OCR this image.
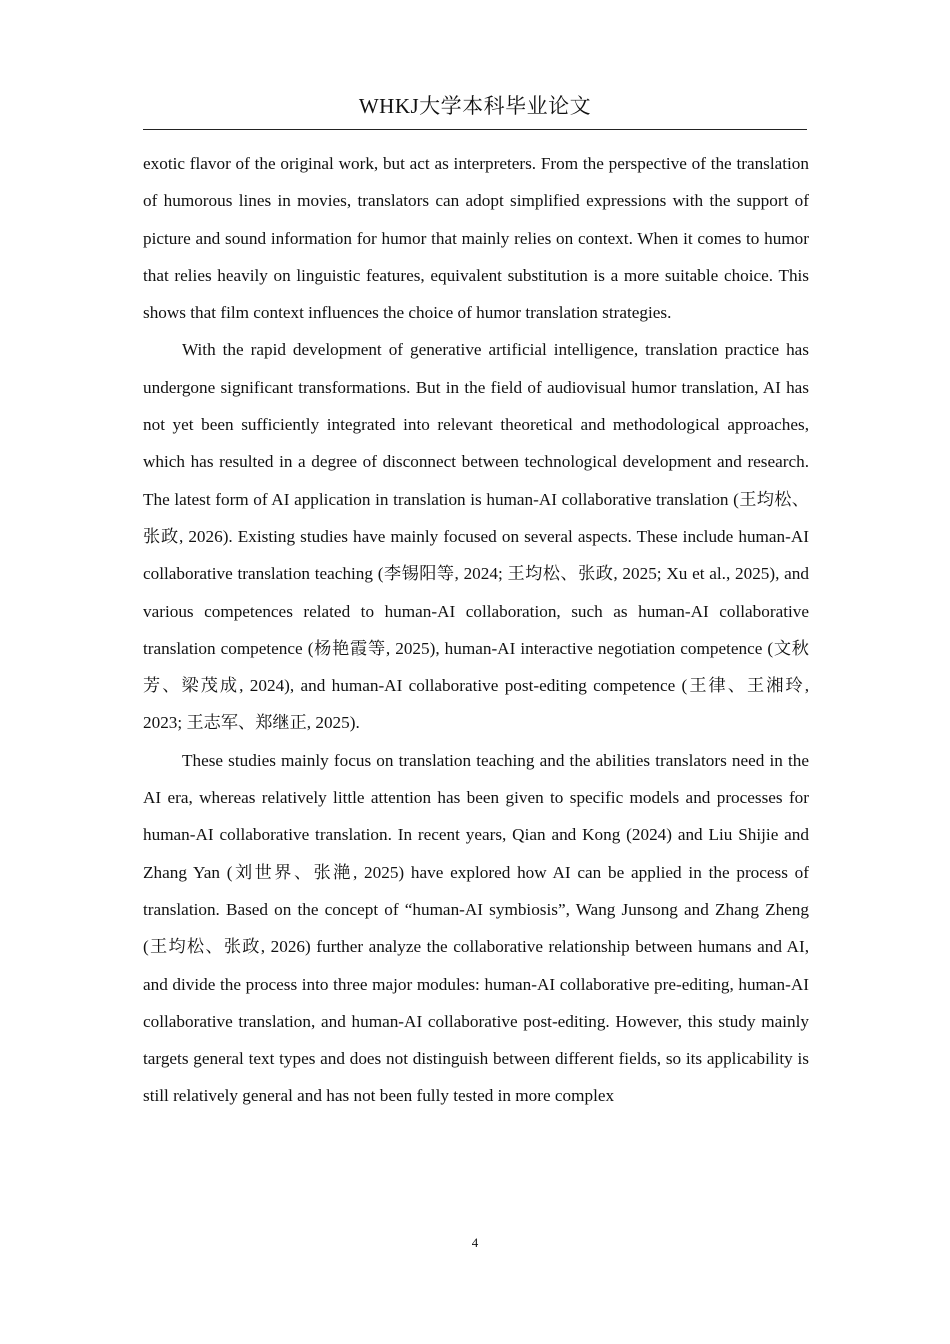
WHKJ大学本科毕业论文

exotic flavor of the original work, but act as interpreters. From the perspective of the translation of humorous lines in movies, translators can adopt simplified expressions with the support of picture and sound information for humor that mainly relies on context. When it comes to humor that relies heavily on linguistic features, equivalent substitution is a more suitable choice. This shows that film context influences the choice of humor translation strategies.

With the rapid development of generative artificial intelligence, translation practice has undergone significant transformations. But in the field of audiovisual humor translation, AI has not yet been sufficiently integrated into relevant theoretical and methodological approaches, which has resulted in a degree of disconnect between technological development and research. The latest form of AI application in translation is human-AI collaborative translation (王均松、张政, 2026). Existing studies have mainly focused on several aspects. These include human-AI collaborative translation teaching (李锡阳等, 2024; 王均松、张政, 2025; Xu et al., 2025), and various competences related to human-AI collaboration, such as human-AI collaborative translation competence (杨艳霞等, 2025), human-AI interactive negotiation competence (文秋芳、梁茂成, 2024), and human-AI collaborative post-editing competence (王律、王湘玲, 2023; 王志军、郑继正, 2025).

These studies mainly focus on translation teaching and the abilities translators need in the AI era, whereas relatively little attention has been given to specific models and processes for human-AI collaborative translation. In recent years, Qian and Kong (2024) and Liu Shijie and Zhang Yan (刘世界、张滟, 2025) have explored how AI can be applied in the process of translation. Based on the concept of “human-AI symbiosis”, Wang Junsong and Zhang Zheng (王均松、张政, 2026) further analyze the collaborative relationship between humans and AI, and divide the process into three major modules: human-AI collaborative pre-editing, human-AI collaborative translation, and human-AI collaborative post-editing. However, this study mainly targets general text types and does not distinguish between different fields, so its applicability is still relatively general and has not been fully tested in more complex

4
